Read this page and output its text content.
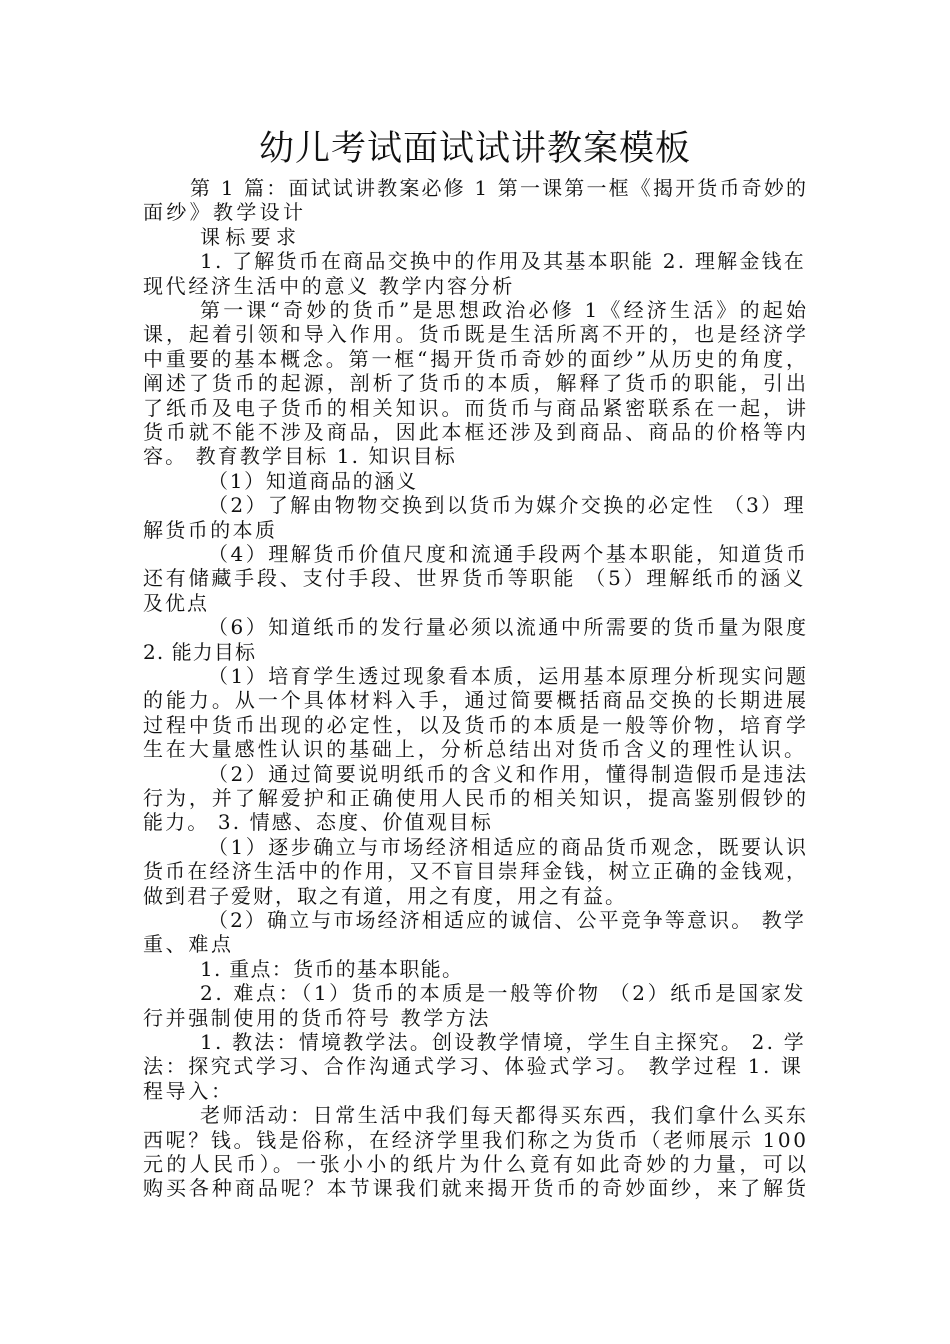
幼儿考试面试试讲教案模板
第 1 篇：面试试讲教案必修 1 第一课第一框《揭开货币奇妙的
面纱》教学设计
课标要求
1. 了解货币在商品交换中的作用及其基本职能 2. 理解金钱在
现代经济生活中的意义 教学内容分析
第一课“奇妙的货币”是思想政治必修 1《经济生活》的起始
课，起着引领和导入作用。货币既是生活所离不开的，也是经济学
中重要的基本概念。第一框“揭开货币奇妙的面纱”从历史的角度，
阐述了货币的起源，剖析了货币的本质，解释了货币的职能，引出
了纸币及电子货币的相关知识。而货币与商品紧密联系在一起，讲
货币就不能不涉及商品，因此本框还涉及到商品、商品的价格等内
容。 教育教学目标 1. 知识目标
（1）知道商品的涵义
（2）了解由物物交换到以货币为媒介交换的必定性 （3）理
解货币的本质
（4）理解货币价值尺度和流通手段两个基本职能，知道货币
还有储藏手段、支付手段、世界货币等职能 （5）理解纸币的涵义
及优点
（6）知道纸币的发行量必须以流通中所需要的货币量为限度
2. 能力目标
（1）培育学生透过现象看本质，运用基本原理分析现实问题
的能力。从一个具体材料入手，通过简要概括商品交换的长期进展
过程中货币出现的必定性，以及货币的本质是一般等价物，培育学
生在大量感性认识的基础上，分析总结出对货币含义的理性认识。
（2）通过简要说明纸币的含义和作用，懂得制造假币是违法
行为，并了解爱护和正确使用人民币的相关知识，提高鉴别假钞的
能力。 3. 情感、态度、价值观目标
（1）逐步确立与市场经济相适应的商品货币观念，既要认识
货币在经济生活中的作用，又不盲目崇拜金钱，树立正确的金钱观，
做到君子爱财，取之有道，用之有度，用之有益。
（2）确立与市场经济相适应的诚信、公平竞争等意识。 教学
重、难点
1. 重点：货币的基本职能。
2. 难点：（1）货币的本质是一般等价物 （2）纸币是国家发
行并强制使用的货币符号 教学方法
1. 教法：情境教学法。创设教学情境，学生自主探究。 2. 学
法：探究式学习、合作沟通式学习、体验式学习。 教学过程 1. 课
程导入：
老师活动：日常生活中我们每天都得买东西，我们拿什么买东
西呢？钱。钱是俗称，在经济学里我们称之为货币（老师展示 100
元的人民币）。一张小小的纸片为什么竟有如此奇妙的力量，可以
购买各种商品呢？本节课我们就来揭开货币的奇妙面纱，来了解货
